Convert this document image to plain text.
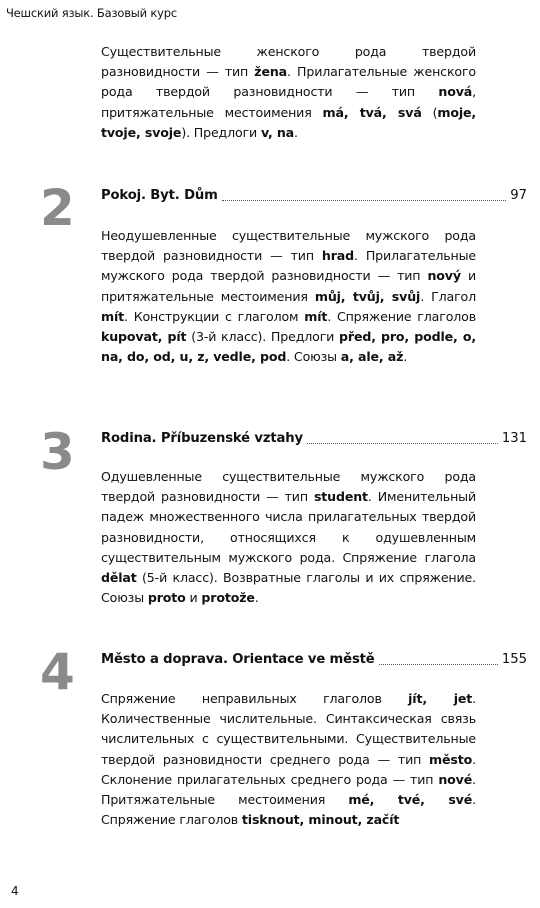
Чешский язык. Базовый курс

Существительные женского рода твердой разновидности — тип žena. Прилагательные женского рода твердой разновидности — тип nová, притяжательные местоимения má, tvá, svá (moje, tvoje, svoje). Предлоги v, na.

2 Pokoj. Byt. Dům	97

Неодушевленные существительные мужского рода твердой разновидности — тип hrad. Прилагательные мужского рода твердой разновидности — тип nový и притяжательные местоимения můj, tvůj, svůj. Глагол mít. Конструкции с глаголом mít. Спряжение глаголов kupovat, pít (3-й класс). Предлоги před, pro, podle, o, na, do, od, u, z, vedle, pod. Союзы a, ale, až.

3 Rodina. Příbuzenské vztahy	131

Одушевленные существительные мужского рода твердой разновидности — тип student. Именительный падеж множественного числа прилагательных твердой разновидности, относящихся к одушевленным существительным мужского рода. Спряжение глагола dělat (5-й класс). Возвратные глаголы и их спряжение. Союзы proto и protože.

4 Město a doprava. Orientace ve městě	155

Спряжение неправильных глаголов jít, jet. Количественные числительные. Синтаксическая связь числительных с существительными. Существительные твердой разновидности среднего рода — тип město. Склонение прилагательных среднего рода — тип nové. Притяжательные местоимения mé, tvé, své. Спряжение глаголов tisknout, minout, začít

4
